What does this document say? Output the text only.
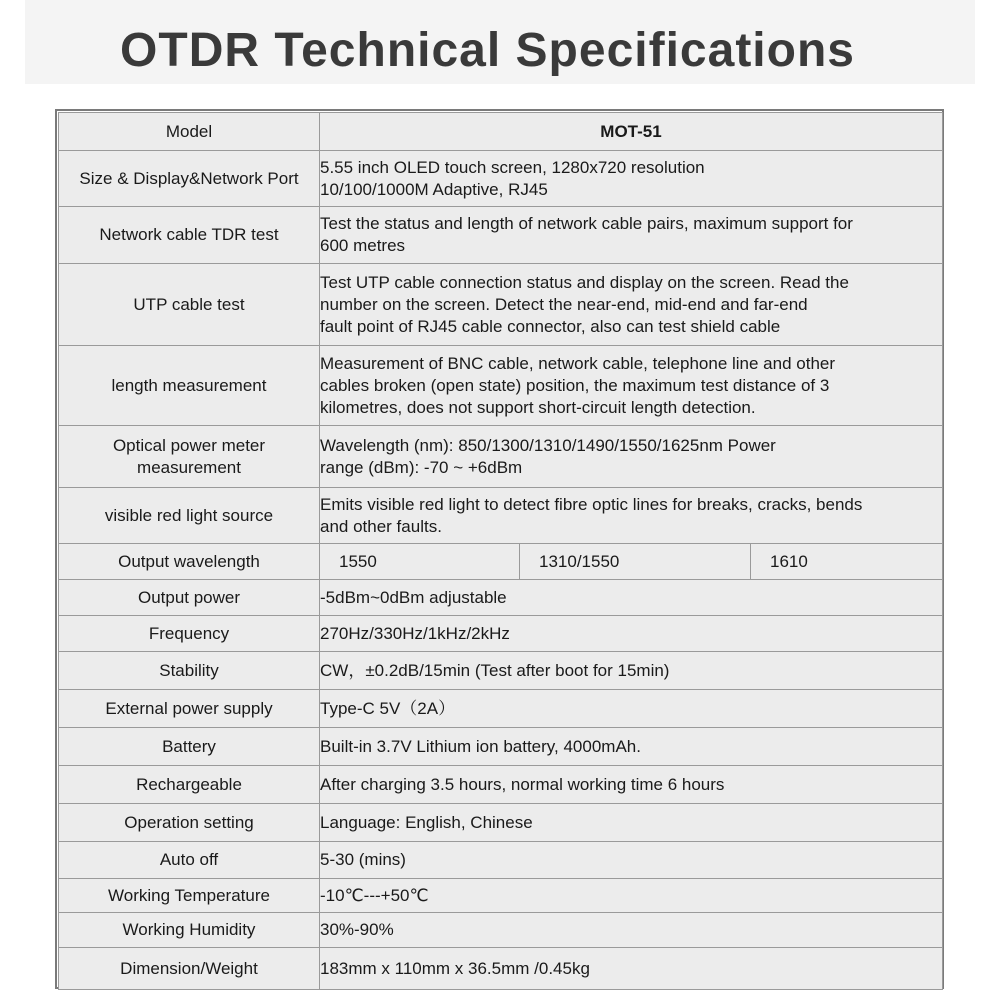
OTDR Technical Specifications
Model	MOT-51
Size & Display&Network Port	5.55 inch OLED touch screen, 1280x720 resolution
10/100/1000M Adaptive, RJ45
Network cable TDR test	Test the status and length of network cable pairs, maximum support for
600 metres
UTP cable test	Test UTP cable connection status and display on the screen. Read the
number on the screen. Detect the near-end, mid-end and far-end
fault point of RJ45 cable connector, also can test shield cable
length measurement	Measurement of BNC cable, network cable, telephone line and other
cables broken (open state) position, the maximum test distance of 3
kilometres, does not support short-circuit length detection.
Optical power meter
measurement	Wavelength (nm): 850/1300/1310/1490/1550/1625nm Power
range (dBm): -70 ~ +6dBm
visible red light source	Emits visible red light to detect fibre optic lines for breaks, cracks, bends
and other faults.
Output wavelength	1550 1310/1550 1610

Output power	-5dBm~0dBm adjustable
Frequency	270Hz/330Hz/1kHz/2kHz
Stability	CW，±0.2dB/15min (Test after boot for 15min)
External power supply	Type-C 5V（2A）
Battery	Built-in 3.7V Lithium ion battery, 4000mAh.
Rechargeable	After charging 3.5 hours, normal working time 6 hours
Operation setting	Language: English, Chinese
Auto off	5-30 (mins)
Working Temperature	-10℃---+50℃
Working Humidity	30%-90%
Dimension/Weight	183mm x 110mm x 36.5mm /0.45kg
